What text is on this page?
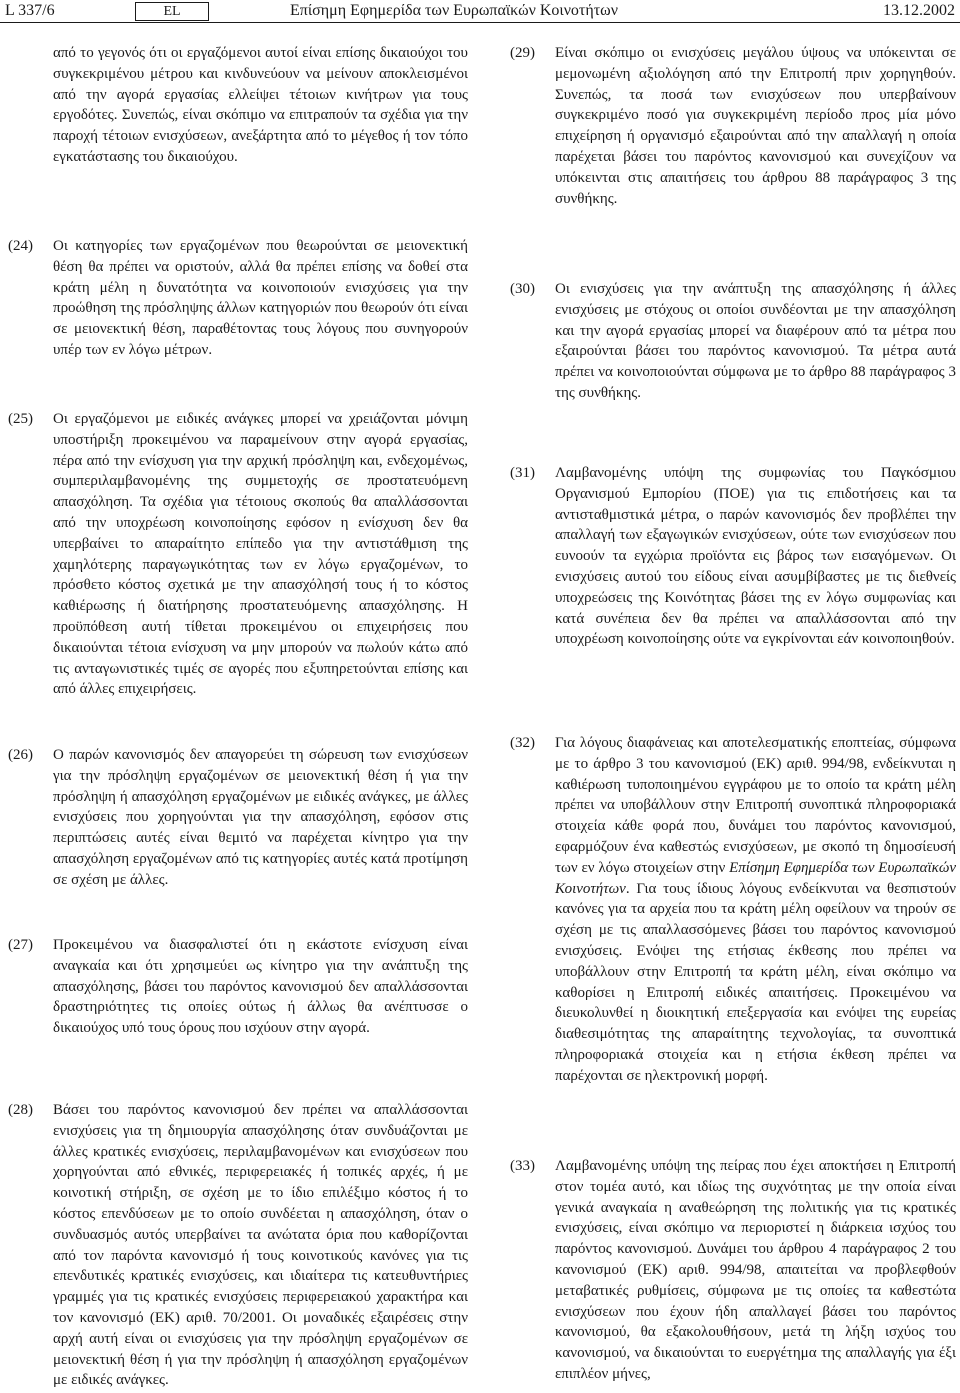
L 337/6	EL	Επίσημη Εφημερίδα των Ευρωπαϊκών Κοινοτήτων	13.12.2002
από το γεγονός ότι οι εργαζόμενοι αυτοί είναι επίσης δικαιούχοι του συγκεκριμένου μέτρου και κινδυνεύουν να μείνουν αποκλεισμένοι από την αγορά εργασίας ελλείψει τέτοιων κινήτρων για τους εργοδότες. Συνεπώς, είναι σκόπιμο να επιτραπούν τα σχέδια για την παροχή τέτοιων ενισχύσεων, ανεξάρτητα από το μέγεθος ή τον τόπο εγκατάστασης του δικαιούχου.
(24) Οι κατηγορίες των εργαζομένων που θεωρούνται σε μειονεκτική θέση θα πρέπει να οριστούν, αλλά θα πρέπει επίσης να δοθεί στα κράτη μέλη η δυνατότητα να κοινοποιούν ενισχύσεις για την προώθηση της πρόσληψης άλλων κατηγοριών που θεωρούν ότι είναι σε μειονεκτική θέση, παραθέτοντας τους λόγους που συνηγορούν υπέρ των εν λόγω μέτρων.
(25) Οι εργαζόμενοι με ειδικές ανάγκες μπορεί να χρειάζονται μόνιμη υποστήριξη προκειμένου να παραμείνουν στην αγορά εργασίας, πέρα από την ενίσχυση για την αρχική πρόσληψη και, ενδεχομένως, συμπεριλαμβανομένης της συμμετοχής σε προστατευόμενη απασχόληση. Τα σχέδια για τέτοιους σκοπούς θα απαλλάσσονται από την υποχρέωση κοινοποίησης εφόσον η ενίσχυση δεν θα υπερβαίνει το απαραίτητο επίπεδο για την αντιστάθμιση της χαμηλότερης παραγωγικότητας των εν λόγω εργαζομένων, το πρόσθετο κόστος σχετικά με την απασχόλησή τους ή το κόστος καθιέρωσης ή διατήρησης προστατευόμενης απασχόλησης. Η προϋπόθεση αυτή τίθεται προκειμένου οι επιχειρήσεις που δικαιούνται τέτοια ενίσχυση να μην μπορούν να πωλούν κάτω από τις ανταγωνιστικές τιμές σε αγορές που εξυπηρετούνται επίσης και από άλλες επιχειρήσεις.
(26) Ο παρών κανονισμός δεν απαγορεύει τη σώρευση των ενισχύσεων για την πρόσληψη εργαζομένων σε μειονεκτική θέση ή για την πρόσληψη ή απασχόληση εργαζομένων με ειδικές ανάγκες, με άλλες ενισχύσεις που χορηγούνται για την απασχόληση, εφόσον στις περιπτώσεις αυτές είναι θεμιτό να παρέχεται κίνητρο για την απασχόληση εργαζομένων από τις κατηγορίες αυτές κατά προτίμηση σε σχέση με άλλες.
(27) Προκειμένου να διασφαλιστεί ότι η εκάστοτε ενίσχυση είναι αναγκαία και ότι χρησιμεύει ως κίνητρο για την ανάπτυξη της απασχόλησης, βάσει του παρόντος κανονισμού δεν απαλλάσσονται δραστηριότητες τις οποίες ούτως ή άλλως θα ανέπτυσσε ο δικαιούχος υπό τους όρους που ισχύουν στην αγορά.
(28) Βάσει του παρόντος κανονισμού δεν πρέπει να απαλλάσσονται ενισχύσεις για τη δημιουργία απασχόλησης όταν συνδυάζονται με άλλες κρατικές ενισχύσεις, περιλαμβανομένων και ενισχύσεων που χορηγούνται από εθνικές, περιφερειακές ή τοπικές αρχές, ή με κοινοτική στήριξη, σε σχέση με το ίδιο επιλέξιμο κόστος ή το κόστος επενδύσεων με το οποίο συνδέεται η απασχόληση, όταν ο συνδυασμός αυτός υπερβαίνει τα ανώτατα όρια που καθορίζονται από τον παρόντα κανονισμό ή τους κοινοτικούς κανόνες για τις επενδυτικές κρατικές ενισχύσεις, και ιδιαίτερα τις κατευθυντήριες γραμμές για τις κρατικές ενισχύσεις περιφερειακού χαρακτήρα και τον κανονισμό (ΕΚ) αριθ. 70/2001. Οι μοναδικές εξαιρέσεις στην αρχή αυτή είναι οι ενισχύσεις για την πρόσληψη εργαζομένων σε μειονεκτική θέση ή για την πρόσληψη ή απασχόληση εργαζομένων με ειδικές ανάγκες.
(29) Είναι σκόπιμο οι ενισχύσεις μεγάλου ύψους να υπόκεινται σε μεμονωμένη αξιολόγηση από την Επιτροπή πριν χορηγηθούν. Συνεπώς, τα ποσά των ενισχύσεων που υπερβαίνουν συγκεκριμένο ποσό για συγκεκριμένη περίοδο προς μία μόνο επιχείρηση ή οργανισμό εξαιρούνται από την απαλλαγή η οποία παρέχεται βάσει του παρόντος κανονισμού και συνεχίζουν να υπόκεινται στις απαιτήσεις του άρθρου 88 παράγραφος 3 της συνθήκης.
(30) Οι ενισχύσεις για την ανάπτυξη της απασχόλησης ή άλλες ενισχύσεις με στόχους οι οποίοι συνδέονται με την απασχόληση και την αγορά εργασίας μπορεί να διαφέρουν από τα μέτρα που εξαιρούνται βάσει του παρόντος κανονισμού. Τα μέτρα αυτά πρέπει να κοινοποιούνται σύμφωνα με το άρθρο 88 παράγραφος 3 της συνθήκης.
(31) Λαμβανομένης υπόψη της συμφωνίας του Παγκόσμιου Οργανισμού Εμπορίου (ΠΟΕ) για τις επιδοτήσεις και τα αντισταθμιστικά μέτρα, ο παρών κανονισμός δεν προβλέπει την απαλλαγή των εξαγωγικών ενισχύσεων, ούτε των ενισχύσεων που ευνοούν τα εγχώρια προϊόντα εις βάρος των εισαγόμενων. Οι ενισχύσεις αυτού του είδους είναι ασυμβίβαστες με τις διεθνείς υποχρεώσεις της Κοινότητας βάσει της εν λόγω συμφωνίας και κατά συνέπεια δεν θα πρέπει να απαλλάσσονται από την υποχρέωση κοινοποίησης ούτε να εγκρίνονται εάν κοινοποιηθούν.
(32) Για λόγους διαφάνειας και αποτελεσματικής εποπτείας, σύμφωνα με το άρθρο 3 του κανονισμού (ΕΚ) αριθ. 994/98, ενδείκνυται η καθιέρωση τυποποιημένου εγγράφου με το οποίο τα κράτη μέλη πρέπει να υποβάλλουν στην Επιτροπή συνοπτικά πληροφοριακά στοιχεία κάθε φορά που, δυνάμει του παρόντος κανονισμού, εφαρμόζουν ένα καθεστώς ενισχύσεων, με σκοπό τη δημοσίευσή των εν λόγω στοιχείων στην Επίσημη Εφημερίδα των Ευρωπαϊκών Κοινοτήτων. Για τους ίδιους λόγους ενδείκνυται να θεσπιστούν κανόνες για τα αρχεία που τα κράτη μέλη οφείλουν να τηρούν σε σχέση με τις απαλλασσόμενες βάσει του παρόντος κανονισμού ενισχύσεις. Ενόψει της ετήσιας έκθεσης που πρέπει να υποβάλλουν στην Επιτροπή τα κράτη μέλη, είναι σκόπιμο να καθορίσει η Επιτροπή ειδικές απαιτήσεις. Προκειμένου να διευκολυνθεί η διοικητική επεξεργασία και ενόψει της ευρείας διαθεσιμότητας της απαραίτητης τεχνολογίας, τα συνοπτικά πληροφοριακά στοιχεία και η ετήσια έκθεση πρέπει να παρέχονται σε ηλεκτρονική μορφή.
(33) Λαμβανομένης υπόψη της πείρας που έχει αποκτήσει η Επιτροπή στον τομέα αυτό, και ιδίως της συχνότητας με την οποία είναι γενικά αναγκαία η αναθεώρηση της πολιτικής για τις κρατικές ενισχύσεις, είναι σκόπιμο να περιοριστεί η διάρκεια ισχύος του παρόντος κανονισμού. Δυνάμει του άρθρου 4 παράγραφος 2 του κανονισμού (ΕΚ) αριθ. 994/98, απαιτείται να προβλεφθούν μεταβατικές ρυθμίσεις, σύμφωνα με τις οποίες τα καθεστώτα ενισχύσεων που έχουν ήδη απαλλαγεί βάσει του παρόντος κανονισμού, θα εξακολουθήσουν, μετά τη λήξη ισχύος του κανονισμού, να δικαιούνται το ευεργέτημα της απαλλαγής για έξι επιπλέον μήνες,
